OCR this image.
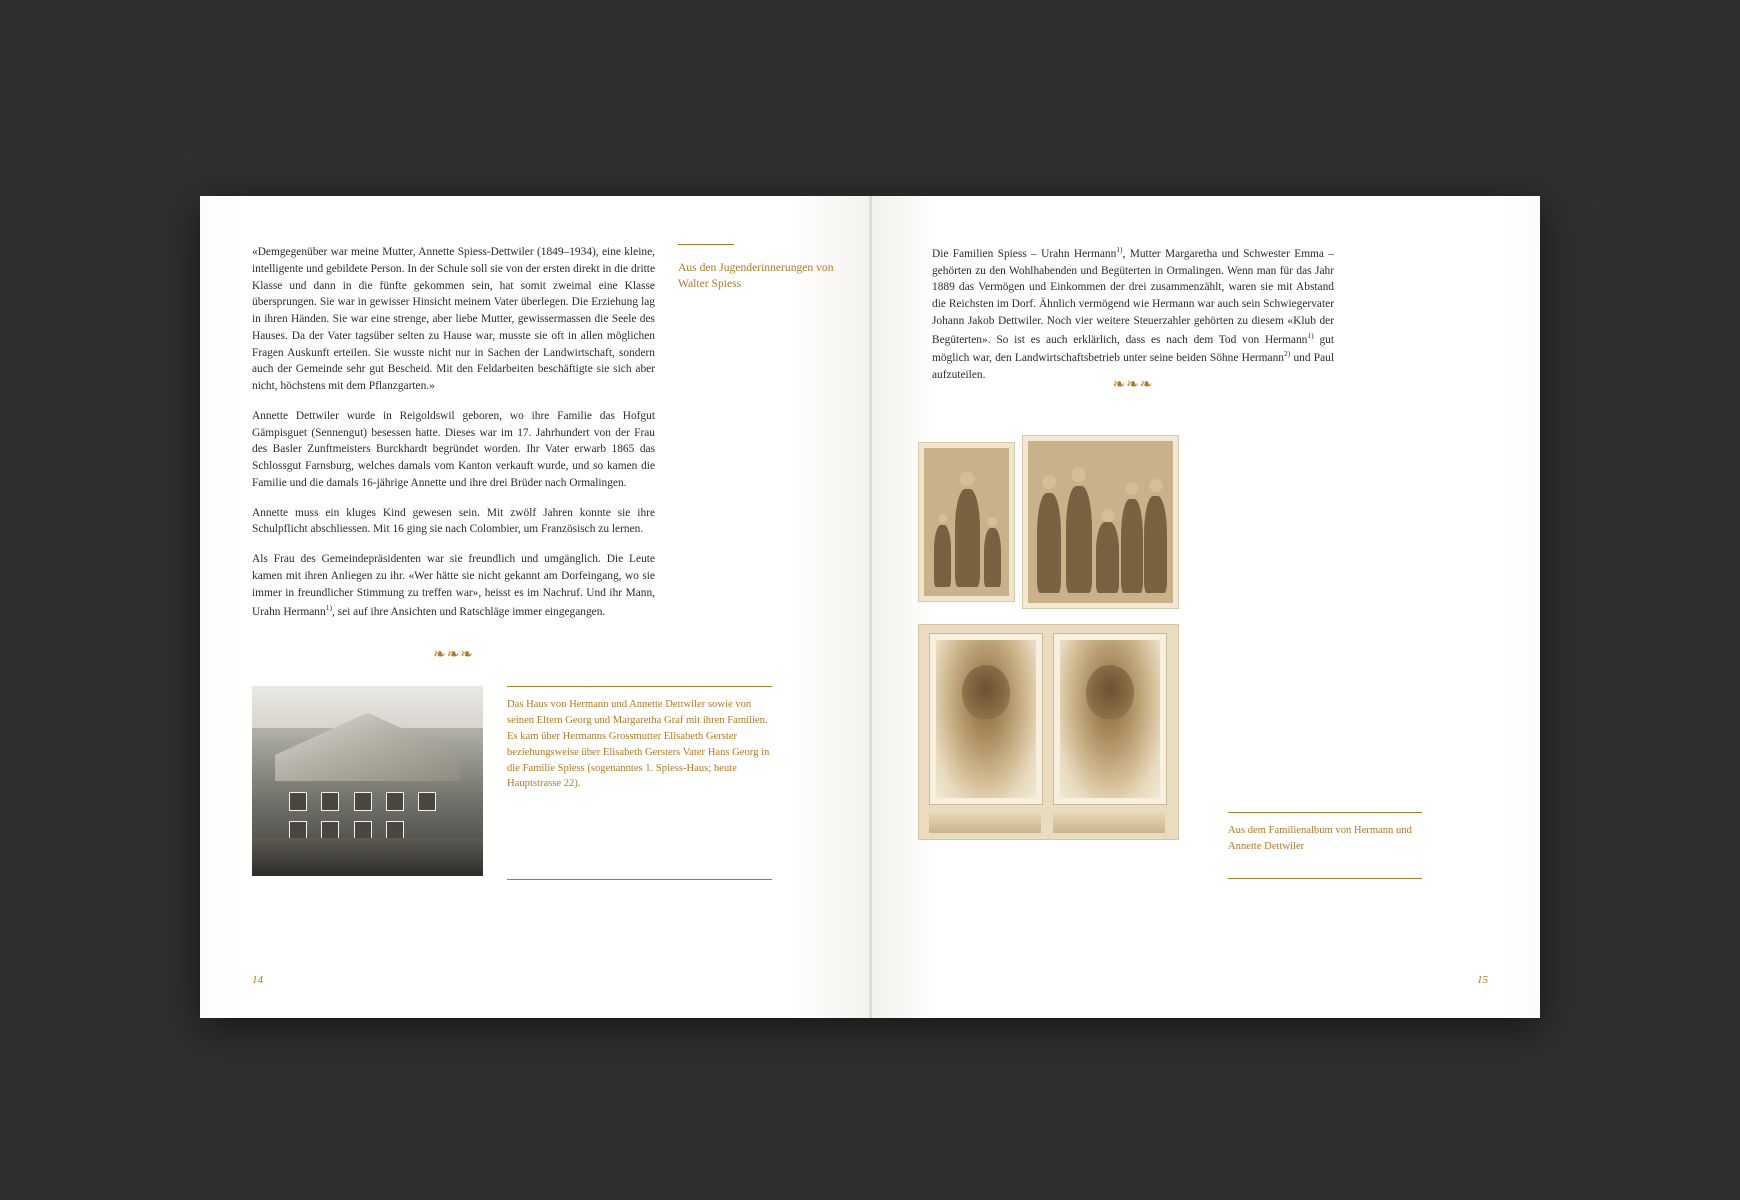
«Demgegenüber war meine Mutter, Annette Spiess-Dettwiler (1849–1934), eine kleine, intelligente und gebildete Person. In der Schule soll sie von der ersten direkt in die dritte Klasse und dann in die fünfte gekommen sein, hat somit zweimal eine Klasse übersprungen. Sie war in gewisser Hinsicht meinem Vater überlegen. Die Erziehung lag in ihren Händen. Sie war eine strenge, aber liebe Mutter, gewissermassen die Seele des Hauses. Da der Vater tagsüber selten zu Hause war, musste sie oft in allen möglichen Fragen Auskunft erteilen. Sie wusste nicht nur in Sachen der Landwirtschaft, sondern auch der Gemeinde sehr gut Bescheid. Mit den Feldarbeiten beschäftigte sie sich aber nicht, höchstens mit dem Pflanzgarten.»

Annette Dettwiler wurde in Reigoldswil geboren, wo ihre Familie das Hofgut Gämpisguet (Sennengut) besessen hatte. Dieses war im 17. Jahrhundert von der Frau des Basler Zunftmeisters Burckhardt begründet worden. Ihr Vater erwarb 1865 das Schlossgut Farnsburg, welches damals vom Kanton verkauft wurde, und so kamen die Familie und die damals 16-jährige Annette und ihre drei Brüder nach Ormalingen.

Annette muss ein kluges Kind gewesen sein. Mit zwölf Jahren konnte sie ihre Schulpflicht abschliessen. Mit 16 ging sie nach Colombier, um Französisch zu lernen.

Als Frau des Gemeindepräsidenten war sie freundlich und umgänglich. Die Leute kamen mit ihren Anliegen zu ihr. «Wer hätte sie nicht gekannt am Dorfeingang, wo sie immer in freundlicher Stimmung zu treffen war», heisst es im Nachruf. Und ihr Mann, Urahn Hermann$^{1)}$, sei auf ihre Ansichten und Ratschläge immer eingegangen.

Aus den Jugenderinnerungen von Walter Spiess
❧❧❧
Das Haus von Hermann und Annette Dettwiler sowie von seinen Eltern Georg und Margaretha Graf mit ihren Familien. Es kam über Hermanns Grossmutter Elisabeth Gerster beziehungsweise über Elisabeth Gersters Vater Hans Georg in die Familie Spiess (sogenanntes 1. Spiess-Haus; heute Hauptstrasse 22).
14

Die Familien Spiess – Urahn Hermann$^{1)}$, Mutter Margaretha und Schwester Emma – gehörten zu den Wohlhabenden und Begüterten in Ormalingen. Wenn man für das Jahr 1889 das Vermögen und Einkommen der drei zusammenzählt, waren sie mit Abstand die Reichsten im Dorf. Ähnlich vermögend wie Hermann war auch sein Schwiegervater Johann Jakob Dettwiler. Noch vier weitere Steuerzahler gehörten zu diesem «Klub der Begüterten». So ist es auch erklärlich, dass es nach dem Tod von Hermann$^{1)}$ gut möglich war, den Landwirtschaftsbetrieb unter seine beiden Söhne Hermann$^{2)}$ und Paul aufzuteilen.

❧❧❧
Aus dem Familienalbum von Hermann und Annette Dettwiler
15
